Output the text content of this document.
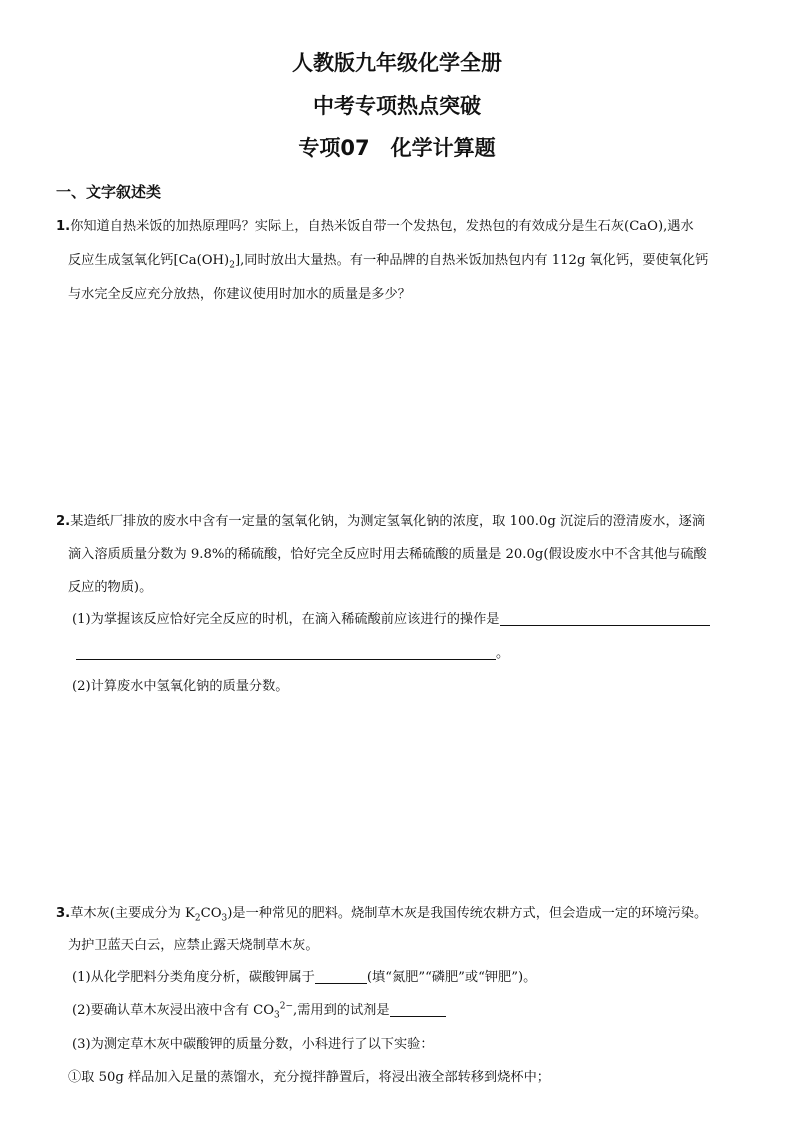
人教版九年级化学全册
中考专项热点突破
专项07　化学计算题
一、文字叙述类
1.你知道自热米饭的加热原理吗？实际上，自热米饭自带一个发热包，发热包的有效成分是生石灰(CaO),遇水
反应生成氢氧化钙$[Ca(OH)_2]$,同时放出大量热。有一种品牌的自热米饭加热包内有 112g 氧化钙，要使氧化钙
与水完全反应充分放热，你建议使用时加水的质量是多少？
2.某造纸厂排放的废水中含有一定量的氢氧化钠，为测定氢氧化钠的浓度，取 100.0g 沉淀后的澄清废水，逐滴
滴入溶质质量分数为 9.8%的稀硫酸，恰好完全反应时用去稀硫酸的质量是 20.0g(假设废水中不含其他与硫酸
反应的物质)。
(1)为掌握该反应恰好完全反应的时机，在滴入稀硫酸前应该进行的操作是
。
(2)计算废水中氢氧化钠的质量分数。
3.草木灰(主要成分为 $K_2CO_3$)是一种常见的肥料。烧制草木灰是我国传统农耕方式，但会造成一定的环境污染。
为护卫蓝天白云，应禁止露天烧制草木灰。
(1)从化学肥料分类角度分析，碳酸钾属于	(填“氮肥”“磷肥”或“钾肥”)。
(2)要确认草木灰浸出液中含有 $CO_3^{2-}$,需用到的试剂是
(3)为测定草木灰中碳酸钾的质量分数，小科进行了以下实验：
①取 50g 样品加入足量的蒸馏水，充分搅拌静置后，将浸出液全部转移到烧杯中；
